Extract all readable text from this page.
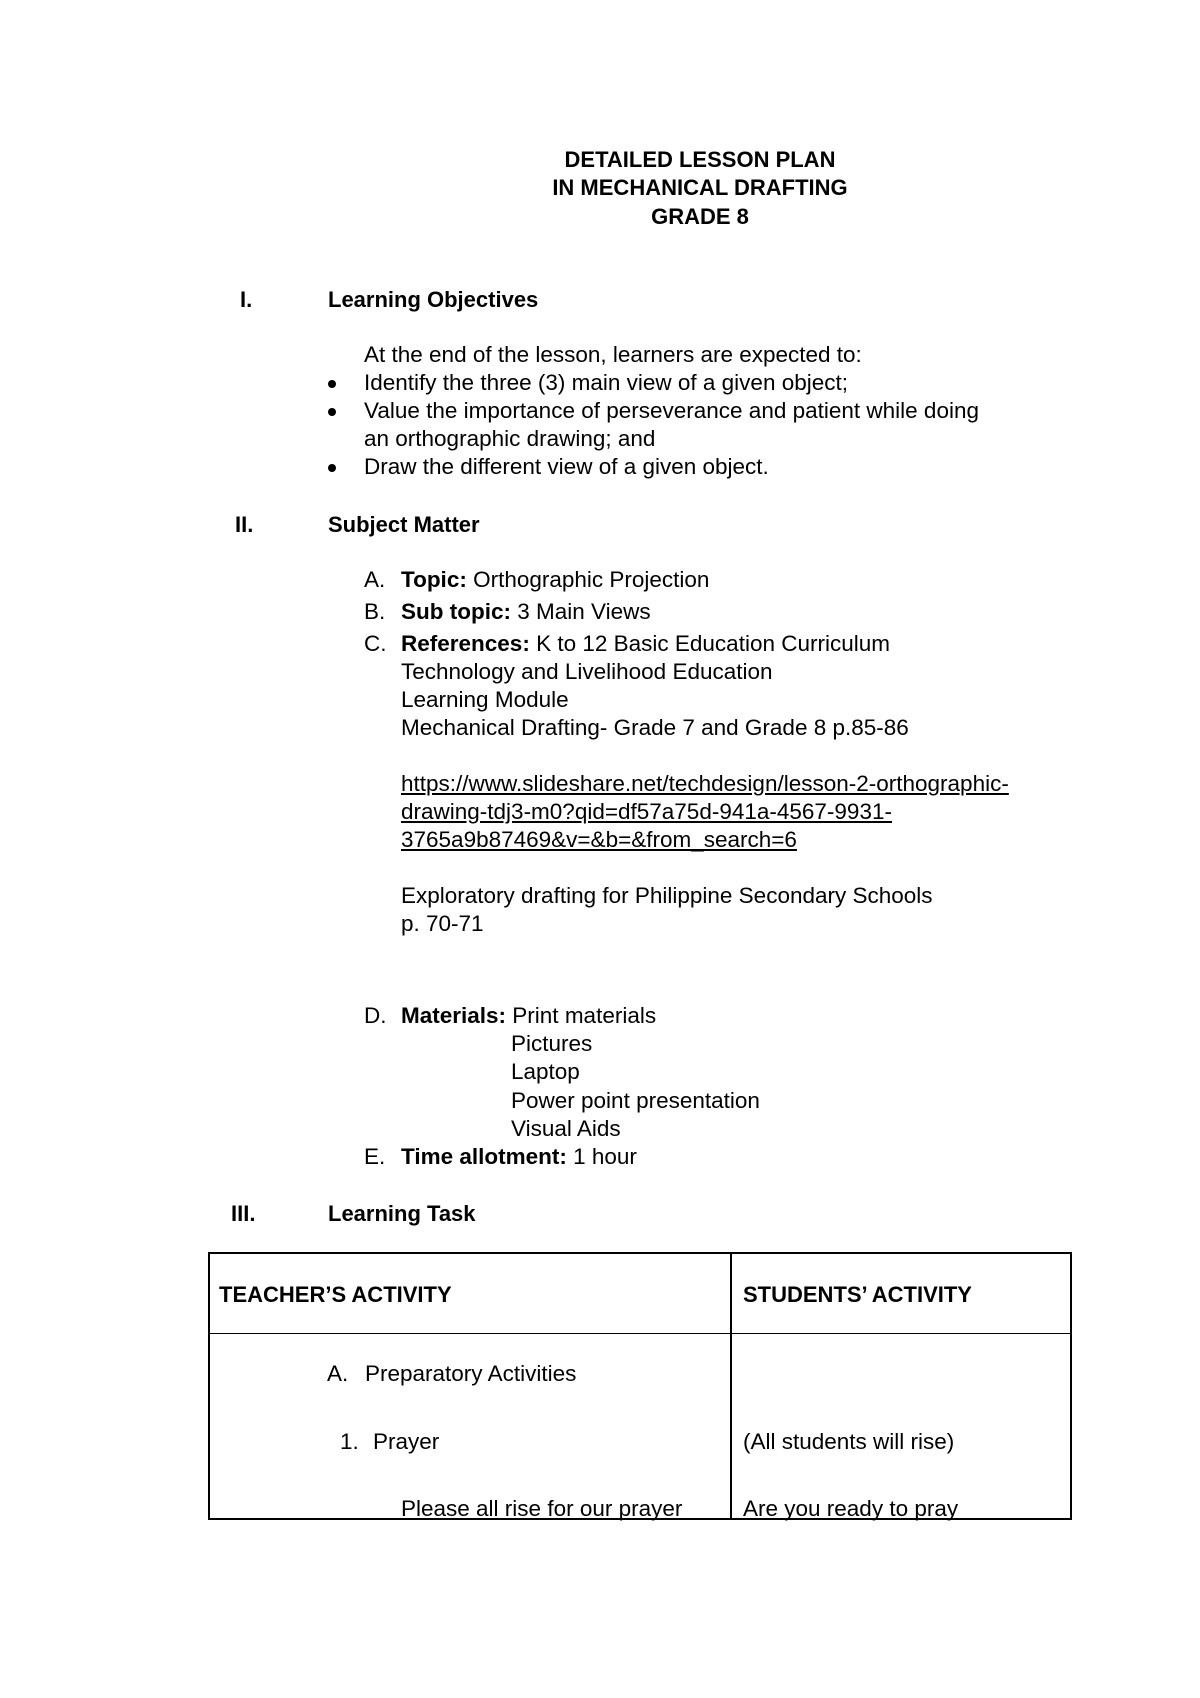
DETAILED LESSON PLAN
IN MECHANICAL DRAFTING
GRADE 8
I.	Learning Objectives
At the end of the lesson, learners are expected to:
Identify the three (3) main view of a given object;
Value the importance of perseverance and patient while doing
an orthographic drawing; and
Draw the different view of a given object.
II.	Subject Matter
A. Topic: Orthographic Projection
B. Sub topic: 3 Main Views
C. References: K to 12 Basic Education Curriculum
Technology and Livelihood Education
Learning Module
Mechanical Drafting- Grade 7 and Grade 8 p.85-86
https://www.slideshare.net/techdesign/lesson-2-orthographic-
drawing-tdj3-m0?qid=df57a75d-941a-4567-9931-
3765a9b87469&v=&b=&from_search=6
Exploratory drafting for Philippine Secondary Schools
p. 70-71
D. Materials: Print materials
Pictures
Laptop
Power point presentation
Visual Aids
E. Time allotment: 1 hour
III.	Learning Task
TEACHER’S ACTIVITY	STUDENTS’ ACTIVITY
A. Preparatory Activities
1. Prayer	(All students will rise)
Please all rise for our prayer	Are you ready to pray
